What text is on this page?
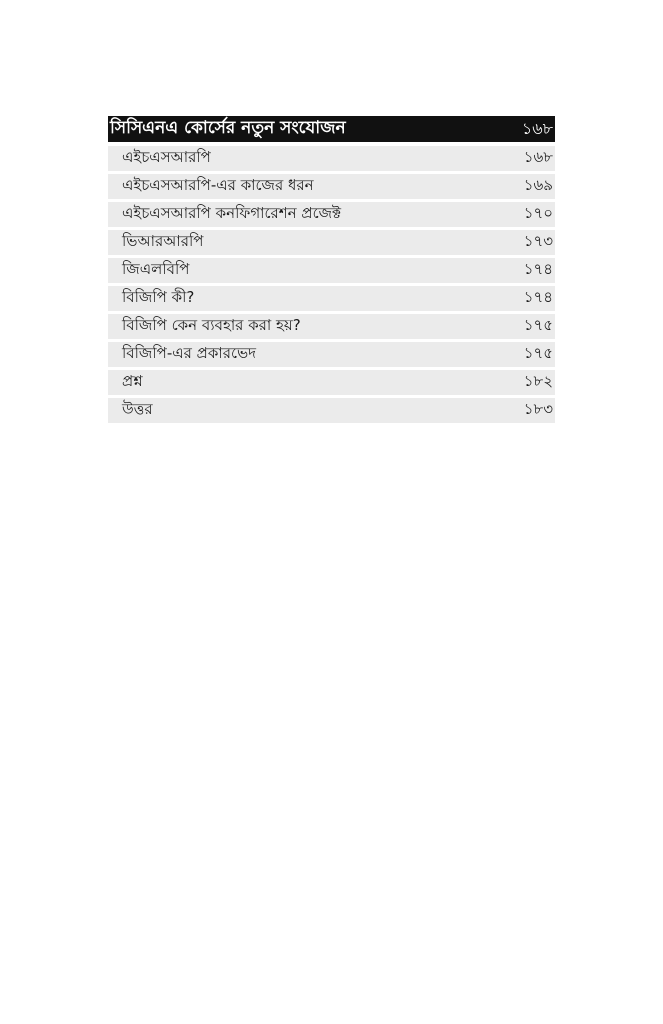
সিসিএনএ কোর্সের নতুন সংযোজন	১৬৮
এইচএসআরপি	১৬৮
এইচএসআরপি-এর কাজের ধরন	১৬৯
এইচএসআরপি কনফিগারেশন প্রজেক্ট	১৭০
ভিআরআরপি	১৭৩
জিএলবিপি	১৭৪
বিজিপি কী?	১৭৪
বিজিপি কেন ব্যবহার করা হয়?	১৭৫
বিজিপি-এর প্রকারভেদ	১৭৫
প্রশ্ন	১৮২
উত্তর	১৮৩
